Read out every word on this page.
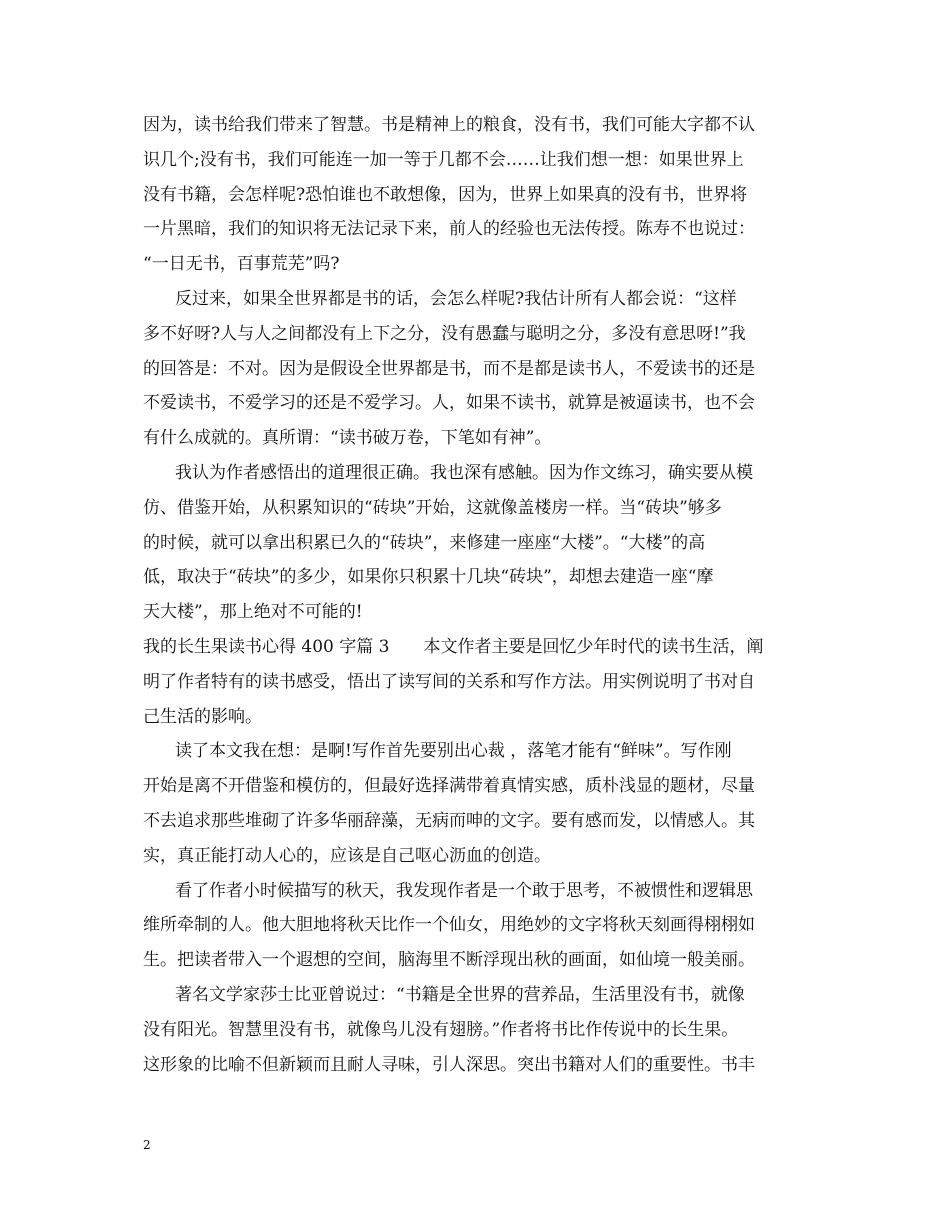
因为，读书给我们带来了智慧。书是精神上的粮食，没有书，我们可能大字都不认
识几个;没有书，我们可能连一加一等于几都不会……让我们想一想：如果世界上
没有书籍，会怎样呢?恐怕谁也不敢想像，因为，世界上如果真的没有书，世界将
一片黑暗，我们的知识将无法记录下来，前人的经验也无法传授。陈寿不也说过：
“一日无书，百事荒芜”吗?
反过来，如果全世界都是书的话，会怎么样呢?我估计所有人都会说：“这样
多不好呀?人与人之间都没有上下之分，没有愚蠢与聪明之分，多没有意思呀!”我
的回答是：不对。因为是假设全世界都是书，而不是都是读书人，不爱读书的还是
不爱读书，不爱学习的还是不爱学习。人，如果不读书，就算是被逼读书，也不会
有什么成就的。真所谓：“读书破万卷，下笔如有神”。
我认为作者感悟出的道理很正确。我也深有感触。因为作文练习，确实要从模
仿、借鉴开始，从积累知识的“砖块”开始，这就像盖楼房一样。当“砖块”够多
的时候，就可以拿出积累已久的“砖块”，来修建一座座“大楼”。“大楼”的高
低，取决于“砖块”的多少，如果你只积累十几块“砖块”，却想去建造一座“摩
天大楼”，那上绝对不可能的!
我的长生果读书心得 400 字篇 3　　本文作者主要是回忆少年时代的读书生活，阐
明了作者特有的读书感受，悟出了读写间的关系和写作方法。用实例说明了书对自
己生活的影响。
读了本文我在想：是啊!写作首先要别出心裁 ，落笔才能有“鲜味”。写作刚
开始是离不开借鉴和模仿的，但最好选择满带着真情实感，质朴浅显的题材，尽量
不去追求那些堆砌了许多华丽辞藻，无病而呻的文字。要有感而发，以情感人。其
实，真正能打动人心的，应该是自己呕心沥血的创造。
看了作者小时候描写的秋天，我发现作者是一个敢于思考，不被惯性和逻辑思
维所牵制的人。他大胆地将秋天比作一个仙女，用绝妙的文字将秋天刻画得栩栩如
生。把读者带入一个遐想的空间，脑海里不断浮现出秋的画面，如仙境一般美丽。
著名文学家莎士比亚曾说过：“书籍是全世界的营养品，生活里没有书，就像
没有阳光。智慧里没有书，就像鸟儿没有翅膀。”作者将书比作传说中的长生果。
这形象的比喻不但新颖而且耐人寻味，引人深思。突出书籍对人们的重要性。书丰
2
